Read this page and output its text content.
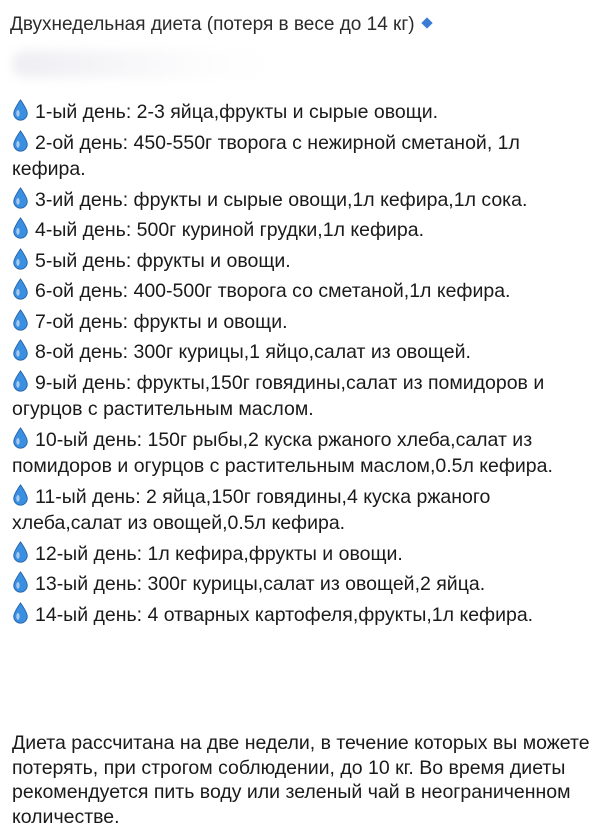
Двухнедельная диета (потеря в весе до 14 кг)
1-ый день: 2-3 яйца,фрукты и сырые овощи.
2-ой день: 450-550г творога с нежирной сметаной, 1л кефира.
3-ий день: фрукты и сырые овощи,1л кефира,1л сока.
4-ый день: 500г куриной грудки,1л кефира.
5-ый день: фрукты и овощи.
6-ой день: 400-500г творога со сметаной,1л кефира.
7-ой день: фрукты и овощи.
8-ой день: 300г курицы,1 яйцо,салат из овощей.
9-ый день: фрукты,150г говядины,салат из помидоров и огурцов с растительным маслом.
10-ый день: 150г рыбы,2 куска ржаного хлеба,салат из помидоров и огурцов с растительным маслом,0.5л кефира.
11-ый день: 2 яйца,150г говядины,4 куска ржаного хлеба,салат из овощей,0.5л кефира.
12-ый день: 1л кефира,фрукты и овощи.
13-ый день: 300г курицы,салат из овощей,2 яйца.
14-ый день: 4 отварных картофеля,фрукты,1л кефира.
Диета рассчитана на две недели, в течение которых вы можете потерять, при строгом соблюдении, до 10 кг. Во время диеты рекомендуется пить воду или зеленый чай в неограниченном количестве.
